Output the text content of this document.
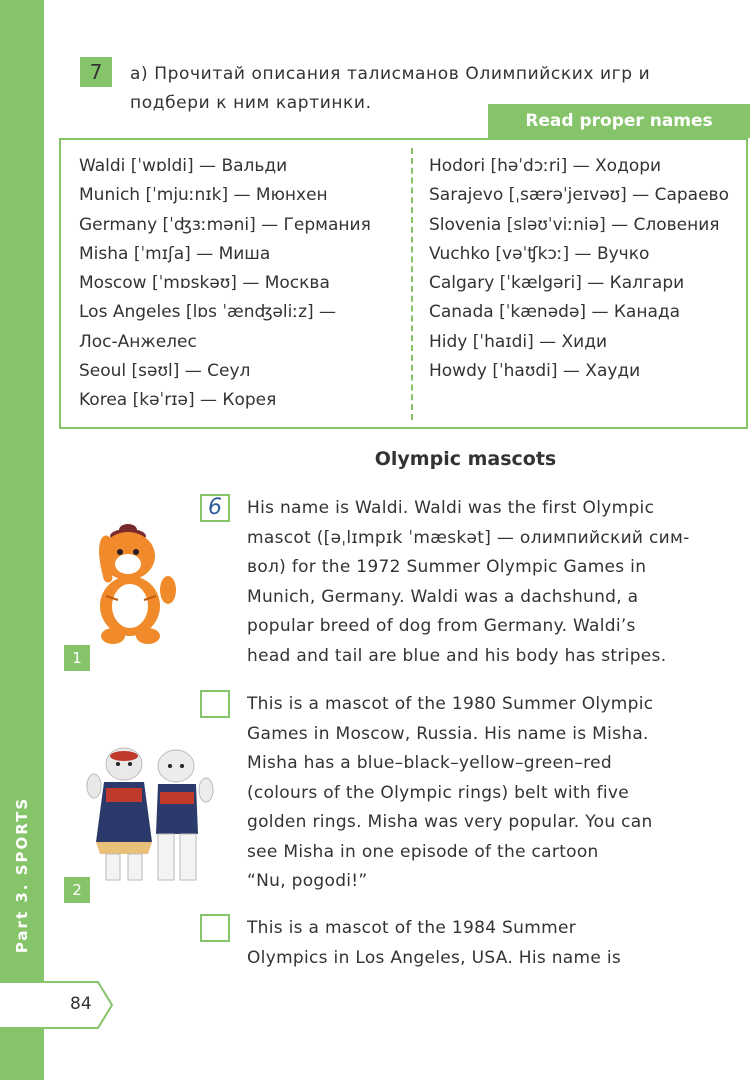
Part 3. SPORTS
84
7	а) Прочитай описания талисманов Олимпийских игр и
подбери к ним картинки.
Read proper names
Waldi [ˈwɒldi] — Вальди
Munich [ˈmjuːnɪk] — Мюнхен
Germany [ˈʤɜːməni] — Германия
Misha [ˈmɪʃa] — Миша
Moscow [ˈmɒskəʊ] — Москва
Los Angeles [lɒs ˈænʤəliːz] —
Лос-Анжелес
Seoul [səʊl] — Сеул
Korea [kəˈrɪə] — Корея
Hodori [həˈdɔːri] — Ходори
Sarajevo [ˌsærəˈjeɪvəʊ] — Сараево
Slovenia [sləʊˈviːniə] — Словения
Vuchko [vəˈʧkɔː] — Вучко
Calgary [ˈkælgəri] — Калгари
Canada [ˈkænədə] — Канада
Hidy [ˈhaɪdi] — Хиди
Howdy [ˈhaʊdi] — Хауди
Olympic mascots
1
2
6	His name is Waldi. Waldi was the first Olympic
mascot ([əˌlɪmpɪk ˈmæskət] — олимпийский сим-
вол) for the 1972 Summer Olympic Games in
Munich, Germany. Waldi was a dachshund, a
popular breed of dog from Germany. Waldi’s
head and tail are blue and his body has stripes.
This is a mascot of the 1980 Summer Olympic
Games in Moscow, Russia. His name is Misha.
Misha has a blue–black–yellow–green–red
(colours of the Olympic rings) belt with five
golden rings. Misha was very popular. You can
see Misha in one episode of the cartoon
“Nu, pogodi!”
This is a mascot of the 1984 Summer
Olympics in Los Angeles, USA. His name is
